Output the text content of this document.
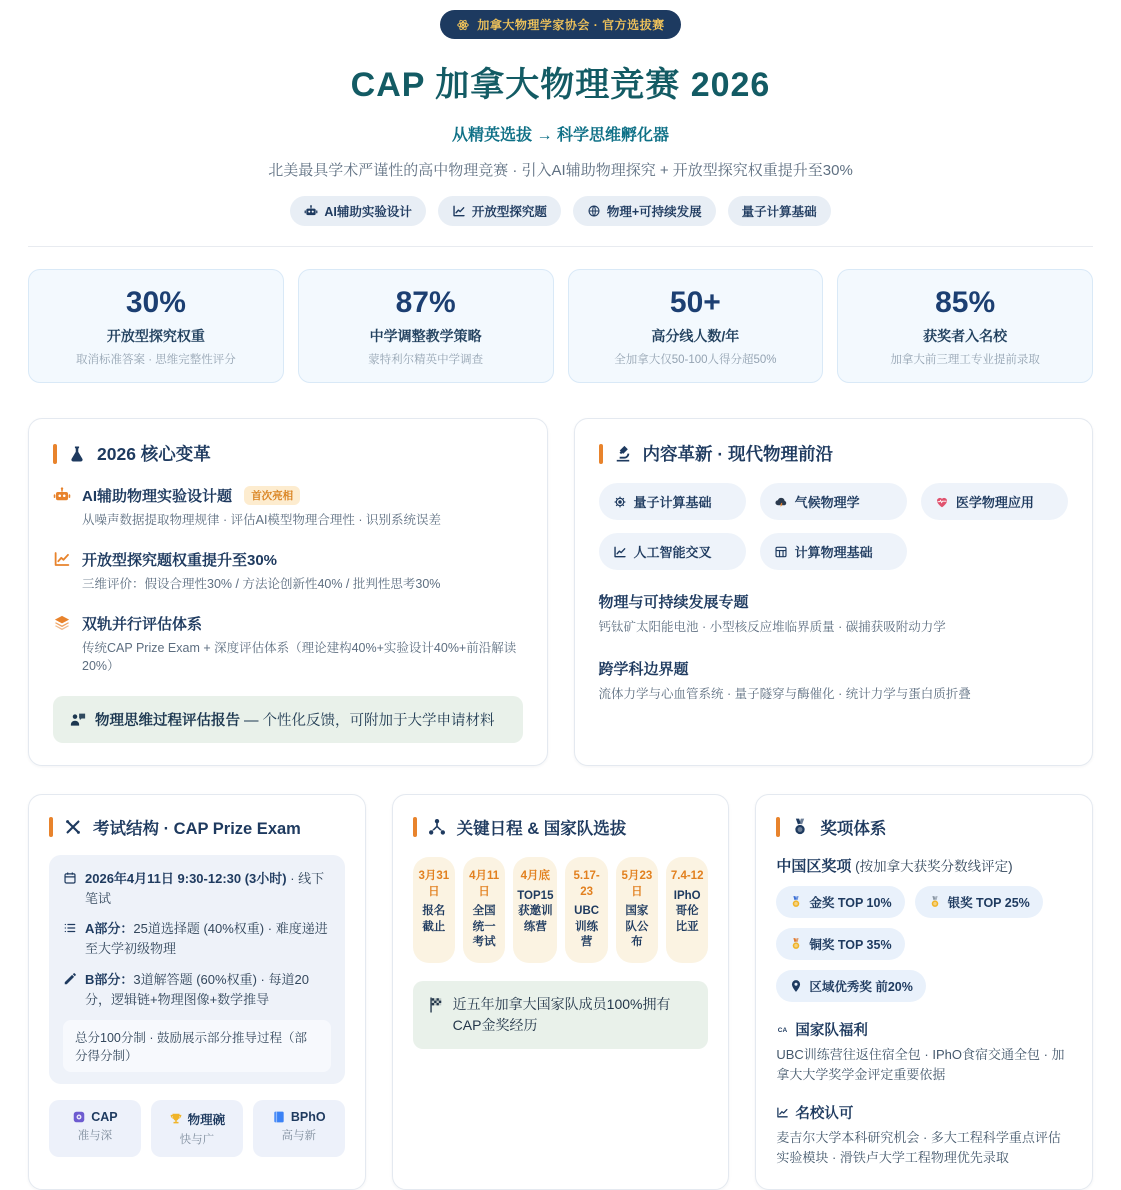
加拿大物理学家协会 · 官方选拔赛
CAP 加拿大物理竞赛 2026
从精英选拔 → 科学思维孵化器
北美最具学术严谨性的高中物理竞赛 · 引入AI辅助物理探究 + 开放型探究权重提升至30%
AI辅助实验设计	开放型探究题	物理+可持续发展	量子计算基础
30%
开放型探究权重
取消标准答案 · 思维完整性评分
87%
中学调整教学策略
蒙特利尔精英中学调查
50+
高分线人数/年
全加拿大仅50-100人得分超50%
85%
获奖者入名校
加拿大前三理工专业提前录取
2026 核心变革
AI辅助物理实验设计题 首次亮相
从噪声数据提取物理规律 · 评估AI模型物理合理性 · 识别系统误差
开放型探究题权重提升至30%
三维评价：假设合理性30% / 方法论创新性40% / 批判性思考30%
双轨并行评估体系
传统CAP Prize Exam + 深度评估体系（理论建构40%+实验设计40%+前沿解读20%）
物理思维过程评估报告 — 个性化反馈，可附加于大学申请材料
内容革新 · 现代物理前沿
量子计算基础	气候物理学	医学物理应用
人工智能交叉	计算物理基础
物理与可持续发展专题
钙钛矿太阳能电池 · 小型核反应堆临界质量 · 碳捕获吸附动力学
跨学科边界题
流体力学与心血管系统 · 量子隧穿与酶催化 · 统计力学与蛋白质折叠
考试结构 · CAP Prize Exam
2026年4月11日 9:30-12:30 (3小时) · 线下笔试
A部分：25道选择题 (40%权重) · 难度递进至大学初级物理
B部分：3道解答题 (60%权重) · 每道20分，逻辑链+物理图像+数学推导
总分100分制 · 鼓励展示部分推导过程（部分得分制）
CAP
准与深
物理碗
快与广
BPhO
高与新
关键日程 & 国家队选拔
3月31日
报名截止
4月11日
全国统一考试
4月底
TOP15获邀训练营
5.17-23
UBC训练营
5月23日
国家队公布
7.4-12
IPhO哥伦比亚
近五年加拿大国家队成员100%拥有CAP金奖经历
奖项体系
中国区奖项 (按加拿大获奖分数线评定)
金奖 TOP 10%	银奖 TOP 25%
铜奖 TOP 35%
区域优秀奖 前20%
CA 国家队福利
UBC训练营往返住宿全包 · IPhO食宿交通全包 · 加拿大大学奖学金评定重要依据
名校认可
麦吉尔大学本科研究机会 · 多大工程科学重点评估实验模块 · 滑铁卢大学工程物理优先录取
